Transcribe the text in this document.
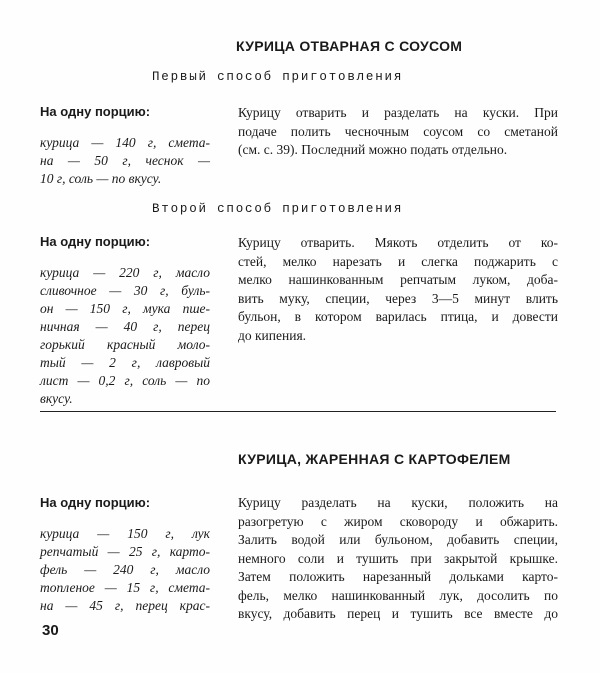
КУРИЦА ОТВАРНАЯ С СОУСОМ
Первый способ приготовления
На одну порцию:
курица — 140 г, смета-
на — 50 г, чеснок —
10 г, соль — по вкусу.
Курицу отварить и разделать на куски. При
подаче полить чесночным соусом со сметаной
(см. с. 39). Последний можно подать отдельно.
Второй способ приготовления
На одну порцию:
курица — 220 г, масло
сливочное — 30 г, буль-
он — 150 г, мука пше-
ничная — 40 г, перец
горький красный моло-
тый — 2 г, лавровый
лист — 0,2 г, соль — по
вкусу.
Курицу отварить. Мякоть отделить от ко-
стей, мелко нарезать и слегка поджарить с
мелко нашинкованным репчатым луком, добa-
вить муку, специи, через 3—5 минут влить
бульон, в котором варилась птица, и довести
до кипения.
КУРИЦА, ЖАРЕННАЯ С КАРТОФЕЛЕМ
На одну порцию:
курица — 150 г, лук
репчатый — 25 г, карто-
фель — 240 г, масло
топленое — 15 г, смета-
на — 45 г, перец крас-
Курицу разделать на куски, положить на
разогретую с жиром сковороду и обжарить.
Залить водой или бульоном, добавить специи,
немного соли и тушить при закрытой крышке.
Затем положить нарезанный дольками карто-
фель, мелко нашинкованный лук, досолить по
вкусу, добавить перец и тушить все вместе до
30
